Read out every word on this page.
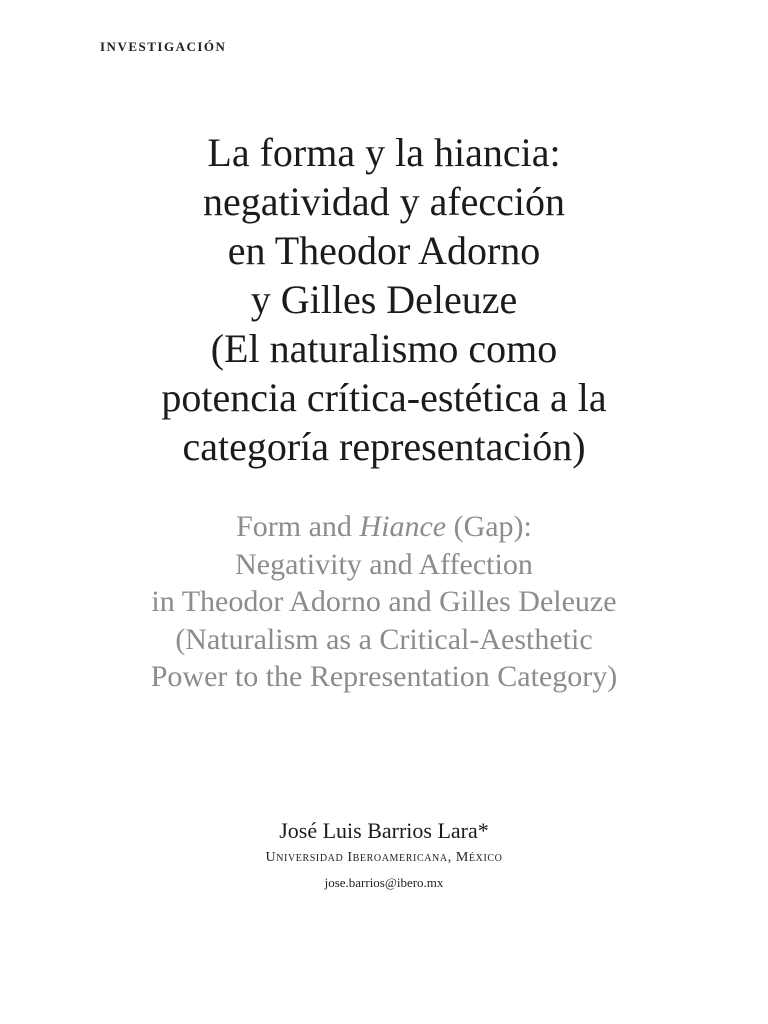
INVESTIGACIÓN
La forma y la hiancia:
negatividad y afección
en Theodor Adorno
y Gilles Deleuze
(El naturalismo como
potencia crítica-estética a la
categoría representación)
Form and Hiance (Gap):
Negativity and Affection
in Theodor Adorno and Gilles Deleuze
(Naturalism as a Critical-Aesthetic
Power to the Representation Category)
José Luis Barrios Lara*
Universidad Iberoamericana, México
jose.barrios@ibero.mx
